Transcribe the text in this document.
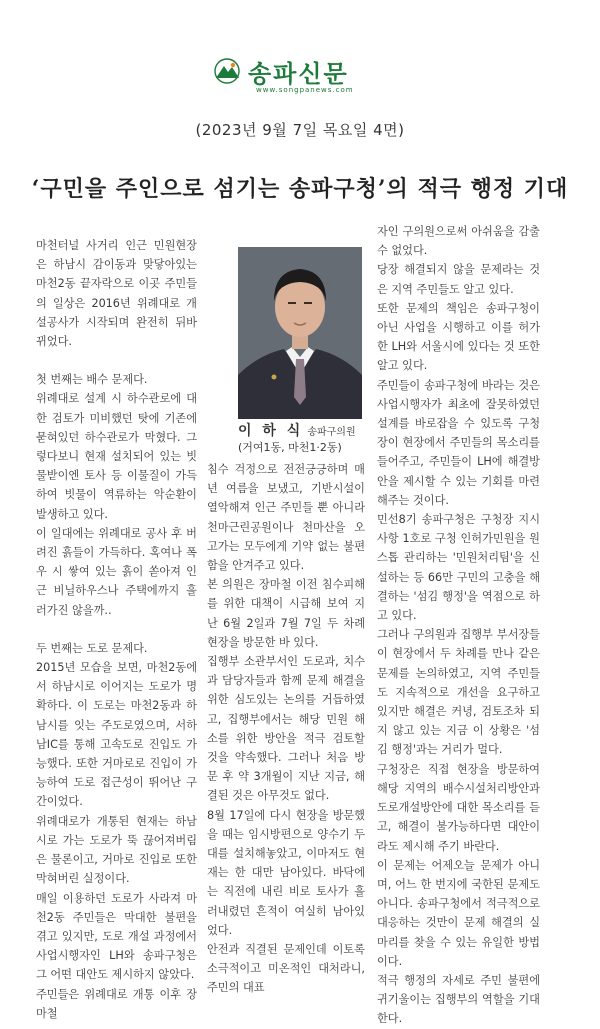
송파신문
www.songpanews.com
(2023년 9월 7일 목요일 4면)
‘구민을 주인으로 섬기는 송파구청’의 적극 행정 기대

마천터널 사거리 인근 민원현장은 하남시 감이동과 맞닿아있는 마천2동 끝자락으로 이곳 주민들의 일상은 2016년 위례대로 개설공사가 시작되며 완전히 뒤바뀌었다.

첫 번째는 배수 문제다.

위례대로 설계 시 하수관로에 대한 검토가 미비했던 탓에 기존에 묻혀있던 하수관로가 막혔다. 그렇다보니 현재 설치되어 있는 빗물받이엔 토사 등 이물질이 가득하여 빗물이 역류하는 악순환이 발생하고 있다.

이 일대에는 위례대로 공사 후 버려진 흙들이 가득하다. 혹여나 폭우 시 쌓여 있는 흙이 쏟아져 인근 비닐하우스나 주택에까지 흘러가진 않을까..

두 번째는 도로 문제다.

2015년 모습을 보면, 마천2동에서 하남시로 이어지는 도로가 명확하다. 이 도로는 마천2동과 하남시를 잇는 주도로였으며, 서하남IC를 통해 고속도로 진입도 가능했다. 또한 거마로로 진입이 가능하여 도로 접근성이 뛰어난 구간이었다.

위례대로가 개통된 현재는 하남시로 가는 도로가 뚝 끊어져버림은 물론이고, 거마로 진입로 또한 막혀버린 실정이다.

매일 이용하던 도로가 사라져 마천2동 주민들은 막대한 불편을 겪고 있지만, 도로 개설 과정에서 사업시행자인 LH와 송파구청은 그 어떤 대안도 제시하지 않았다.

주민들은 위례대로 개통 이후 장마철

이 하 식 송파구의원
(거여1동, 마천1·2동)

침수 걱정으로 전전긍긍하며 매년 여름을 보냈고, 기반시설이 열악해져 인근 주민들 뿐 아니라 천마근린공원이나 천마산을 오고가는 모두에게 기약 없는 불편함을 안겨주고 있다.

본 의원은 장마철 이전 침수피해를 위한 대책이 시급해 보여 지난 6월 2일과 7월 7일 두 차례 현장을 방문한 바 있다.

집행부 소관부서인 도로과, 치수과 담당자들과 함께 문제 해결을 위한 심도있는 논의를 거듭하였고, 집행부에서는 해당 민원 해소를 위한 방안을 적극 검토할 것을 약속했다. 그러나 처음 방문 후 약 3개월이 지난 지금, 해결된 것은 아무것도 없다.

8월 17일에 다시 현장을 방문했을 때는 임시방편으로 양수기 두 대를 설치해놓았고, 이마저도 현재는 한 대만 남아있다. 바닥에는 직전에 내린 비로 토사가 흘러내렸던 흔적이 여실히 남아있었다.

안전과 직결된 문제인데 이토록 소극적이고 미온적인 대처라니, 주민의 대표

자인 구의원으로써 아쉬움을 감출 수 없었다.

당장 해결되지 않을 문제라는 것은 지역 주민들도 알고 있다.

또한 문제의 책임은 송파구청이 아닌 사업을 시행하고 이를 허가한 LH와 서울시에 있다는 것 또한 알고 있다.

주민들이 송파구청에 바라는 것은 사업시행자가 최초에 잘못하였던 설계를 바로잡을 수 있도록 구청장이 현장에서 주민들의 목소리를 들어주고, 주민들이 LH에 해결방안을 제시할 수 있는 기회를 마련해주는 것이다.

민선8기 송파구청은 구청장 지시사항 1호로 구청 인허가민원을 원스톱 관리하는 '민원처리팀'을 신설하는 등 66만 구민의 고충을 해결하는 '섬김 행정'을 역점으로 하고 있다.

그러나 구의원과 집행부 부서장들이 현장에서 두 차례를 만나 같은 문제를 논의하였고, 지역 주민들도 지속적으로 개선을 요구하고 있지만 해결은 커녕, 검토조차 되지 않고 있는 지금 이 상황은 '섬김 행정'과는 거리가 멀다.

구청장은 직접 현장을 방문하여 해당 지역의 배수시설처리방안과 도로개설방안에 대한 목소리를 듣고, 해결이 불가능하다면 대안이라도 제시해 주기 바란다.

이 문제는 어제오늘 문제가 아니며, 어느 한 번지에 국한된 문제도 아니다. 송파구청에서 적극적으로 대응하는 것만이 문제 해결의 실마리를 찾을 수 있는 유일한 방법이다.

적극 행정의 자세로 주민 불편에 귀기울이는 집행부의 역할을 기대한다.
